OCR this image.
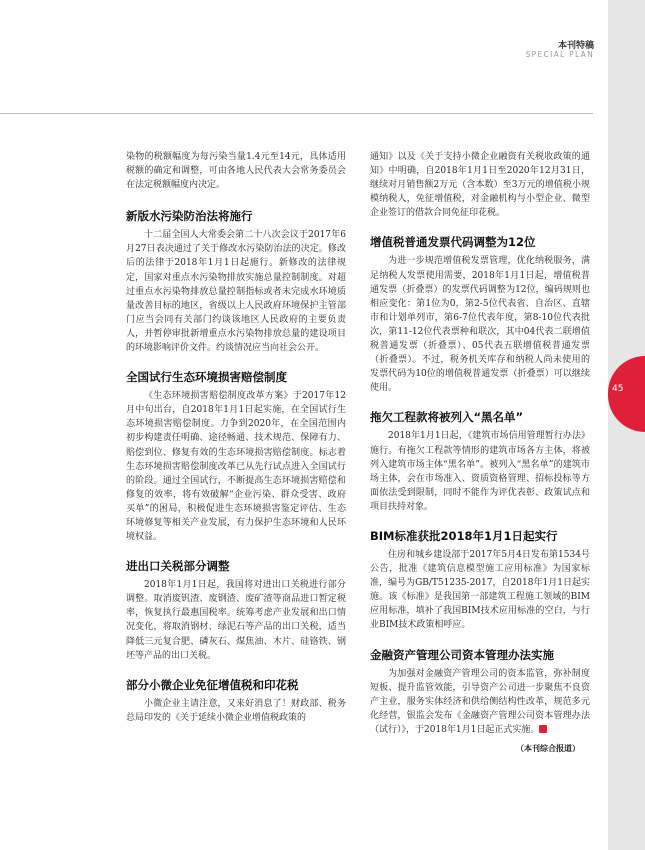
45
本刊特稿
SPECIAL PLAN

染物的税额幅度为每污染当量1.4元至14元，具体适用税额的确定和调整，可由各地人民代表大会常务委员会在法定税额幅度内决定。

新版水污染防治法将施行

十二届全国人大常委会第二十八次会议于2017年6月27日表决通过了关于修改水污染防治法的决定。修改后的法律于2018年1月1日起施行。新修改的法律规定，国家对重点水污染物排放实施总量控制制度。对超过重点水污染物排放总量控制指标或者未完成水环境质量改善目标的地区，省级以上人民政府环境保护主管部门应当会同有关部门约谈该地区人民政府的主要负责人，并暂停审批新增重点水污染物排放总量的建设项目的环境影响评价文件。约谈情况应当向社会公开。

全国试行生态环境损害赔偿制度

《生态环境损害赔偿制度改革方案》于2017年12月中旬出台，自2018年1月1日起实施，在全国试行生态环境损害赔偿制度。力争到2020年，在全国范围内初步构建责任明确、途径畅通、技术规范、保障有力、赔偿到位、修复有效的生态环境损害赔偿制度。标志着生态环境损害赔偿制度改革已从先行试点进入全国试行的阶段。通过全国试行，不断提高生态环境损害赔偿和修复的效率，将有效破解“企业污染、群众受害、政府买单”的困局，积极促进生态环境损害鉴定评估、生态环境修复等相关产业发展，有力保护生态环境和人民环境权益。

进出口关税部分调整

2018年1月1日起，我国将对进出口关税进行部分调整。取消废钒渣、废钢渣、废矿渣等商品进口暂定税率，恢复执行最惠国税率。统筹考虑产业发展和出口情况变化，将取消钢材、绿泥石等产品的出口关税，适当降低三元复合肥、磷灰石、煤焦油、木片、硅铬铁、钢坯等产品的出口关税。

部分小微企业免征增值税和印花税

小微企业主请注意，又来好消息了！财政部、税务总局印发的《关于延续小微企业增值税政策的

通知》以及《关于支持小微企业融资有关税收政策的通知》中明确，自2018年1月1日至2020年12月31日，继续对月销售额2万元（含本数）至3万元的增值税小规模纳税人，免征增值税，对金融机构与小型企业、微型企业签订的借款合同免征印花税。

增值税普通发票代码调整为12位

为进一步规范增值税发票管理，优化纳税服务，满足纳税人发票使用需要，2018年1月1日起，增值税普通发票（折叠票）的发票代码调整为12位，编码规则也相应变化：第1位为0，第2-5位代表省、自治区、直辖市和计划单列市，第6-7位代表年度，第8-10位代表批次，第11-12位代表票种和联次，其中04代表二联增值税普通发票（折叠票）、05代表五联增值税普通发票（折叠票）。不过，税务机关库存和纳税人尚未使用的发票代码为10位的增值税普通发票（折叠票）可以继续使用。

拖欠工程款将被列入“黑名单”

2018年1月1日起，《建筑市场信用管理暂行办法》施行。有拖欠工程款等情形的建筑市场各方主体，将被列入建筑市场主体“黑名单”。被列入“黑名单”的建筑市场主体，会在市场准入、资质资格管理、招标投标等方面依法受到限制，同时不能作为评优表彰、政策试点和项目扶持对象。

BIM标准获批2018年1月1日起实行

住房和城乡建设部于2017年5月4日发布第1534号公告，批准《建筑信息模型施工应用标准》为国家标准，编号为GB/T51235-2017，自2018年1月1日起实施。该《标准》是我国第一部建筑工程施工领域的BIM应用标准，填补了我国BIM技术应用标准的空白，与行业BIM技术政策相呼应。

金融资产管理公司资本管理办法实施

为加强对金融资产管理公司的资本监管，弥补制度短板、提升监管效能，引导资产公司进一步聚焦不良资产主业，服务实体经济和供给侧结构性改革，规范多元化经营，银监会发布《金融资产管理公司资本管理办法（试行）》，于2018年1月1日起正式实施。	回

（本刊综合报道）
